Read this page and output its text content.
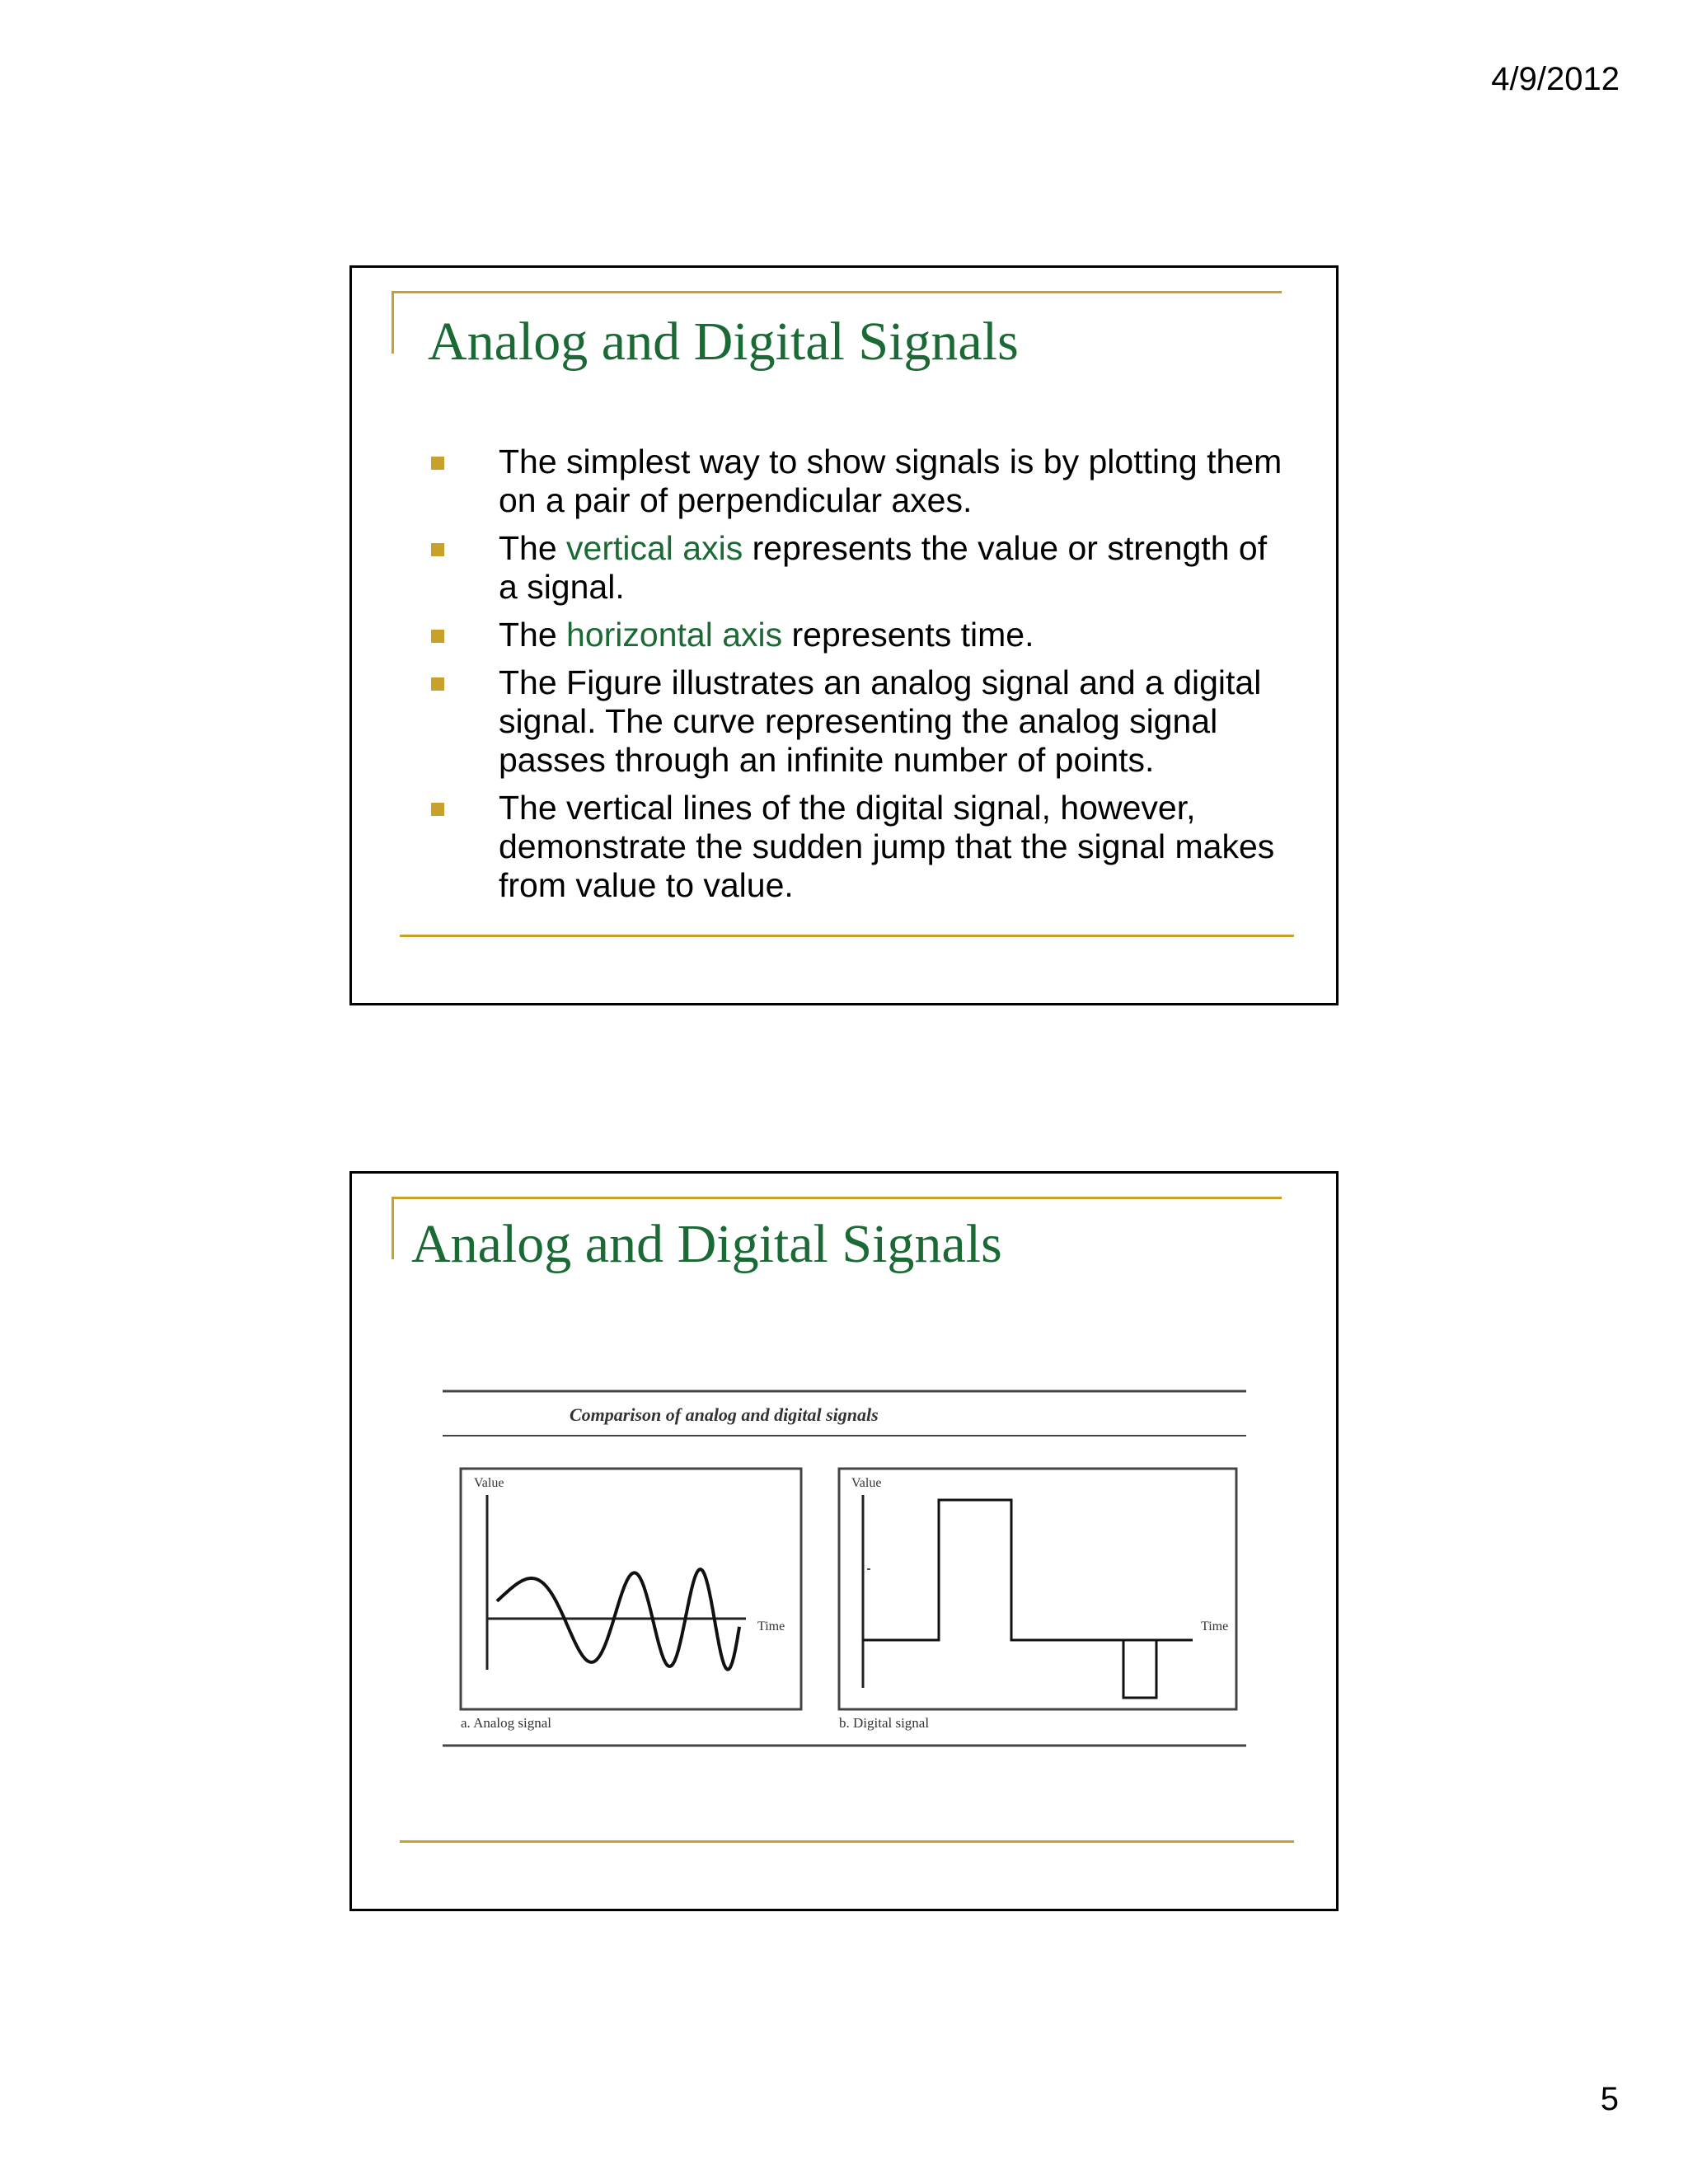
4/9/2012
Analog and Digital Signals
The simplest way to show signals is by plotting them on a pair of perpendicular axes.
The vertical axis represents the value or strength of a signal.
The horizontal axis represents time.
The Figure illustrates an analog signal and a digital signal. The curve representing the analog signal passes through an infinite number of points.
The vertical lines of the digital signal, however, demonstrate the sudden jump that the signal makes from value to value.
Analog and Digital Signals
Comparison of analog and digital signals
Value
Time
a. Analog signal
Value
Time
b. Digital signal
5
